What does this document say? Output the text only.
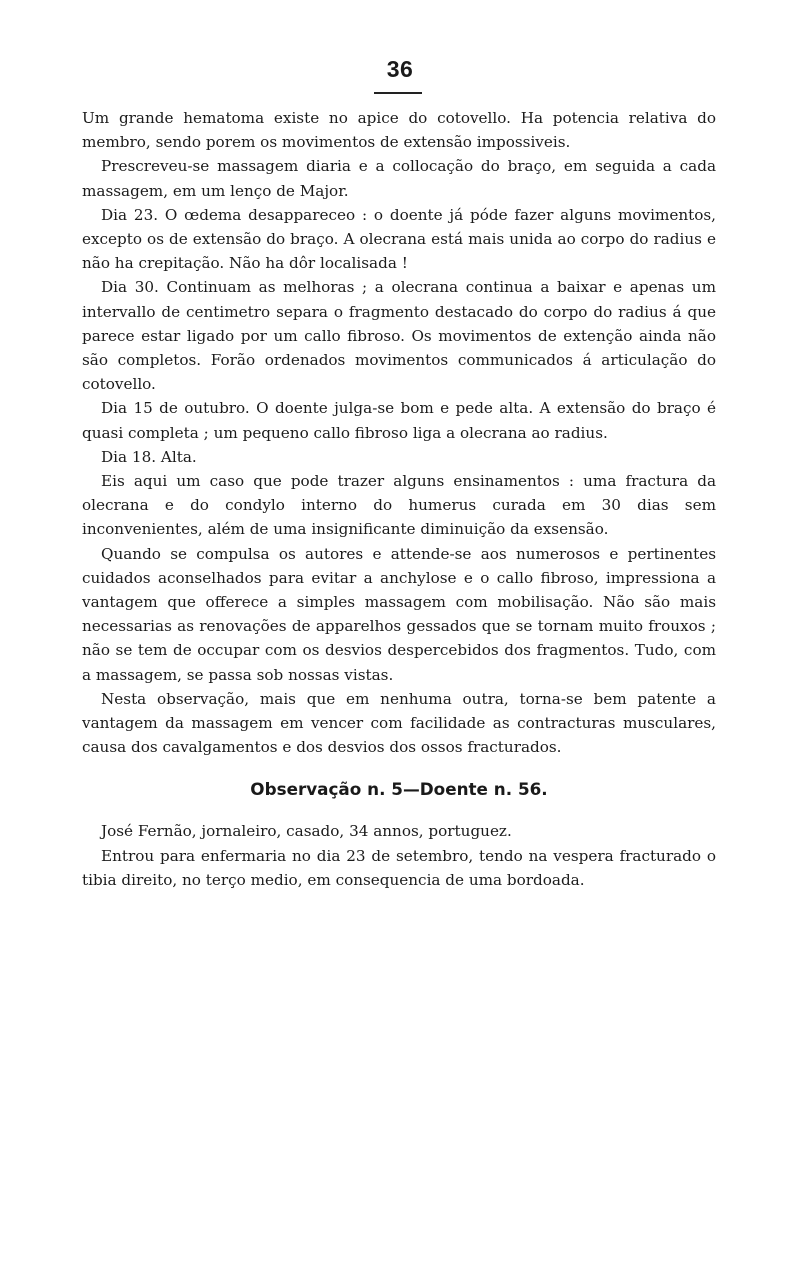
36

Um grande hematoma existe no apice do cotovello. Ha potencia relativa do membro, sendo porem os movimentos de extensão impossiveis.

Prescreveu-se massagem diaria e a collocação do braço, em seguida a cada massagem, em um lenço de Major.

Dia 23. O œdema desappareceo : o doente já póde fazer alguns movimentos, excepto os de extensão do braço. A olecrana está mais unida ao corpo do radius e não ha crepitação. Não ha dôr localisada !

Dia 30. Continuam as melhoras ; a olecrana continua a baixar e apenas um intervallo de centimetro separa o fragmento destacado do corpo do radius á que parece estar ligado por um callo fibroso. Os movimentos de extenção ainda não são completos. Forão ordenados movimentos communicados á articulação do cotovello.

Dia 15 de outubro. O doente julga-se bom e pede alta. A extensão do braço é quasi completa ; um pequeno callo fibroso liga a olecrana ao radius.

Dia 18. Alta.

Eis aqui um caso que pode trazer alguns ensinamentos : uma fractura da olecrana e do condylo interno do humerus curada em 30 dias sem inconvenientes, além de uma insignificante diminuição da exsensão.

Quando se compulsa os autores e attende-se aos numerosos e pertinentes cuidados aconselhados para evitar a anchylose e o callo fibroso, impressiona a vantagem que offerece a simples massagem com mobilisação. Não são mais necessarias as renovações de apparelhos gessados que se tornam muito frouxos ; não se tem de occupar com os desvios despercebidos dos fragmentos. Tudo, com a massagem, se passa sob nossas vistas.

Nesta observação, mais que em nenhuma outra, torna-se bem patente a vantagem da massagem em vencer com facilidade as contracturas musculares, causa dos cavalgamentos e dos desvios dos ossos fracturados.

Observação n. 5—Doente n. 56.

José Fernão, jornaleiro, casado, 34 annos, portuguez.

Entrou para enfermaria no dia 23 de setembro, tendo na vespera fracturado o tibia direito, no terço medio, em consequencia de uma bordoada.
